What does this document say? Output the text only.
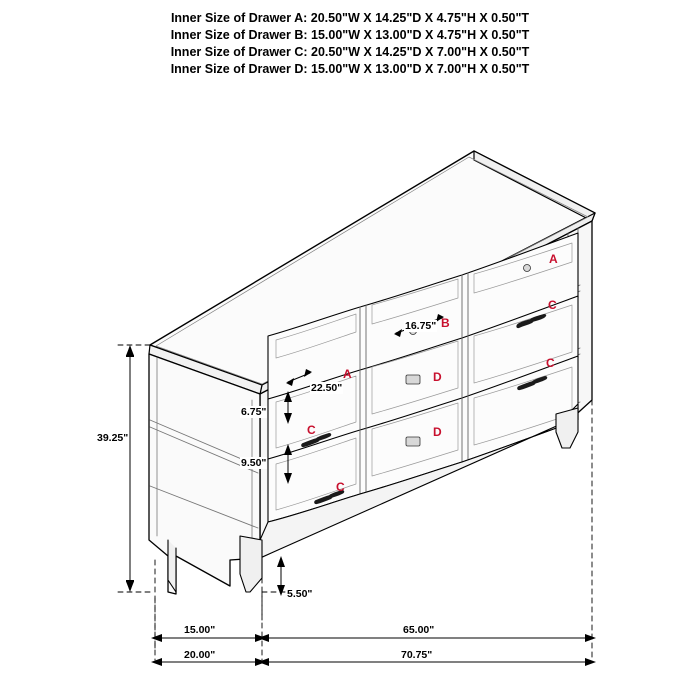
Inner Size of Drawer A: 20.50"W X 14.25"D X 4.75"H X 0.50"T
Inner Size of Drawer B: 15.00"W X 13.00"D X 4.75"H X 0.50"T
Inner Size of Drawer C: 20.50"W X 14.25"D X 7.00"H X 0.50"T
Inner Size of Drawer D: 15.00"W X 13.00"D X 7.00"H X 0.50"T
39.25"
16.75"
22.50"
6.75"
9.50"
5.50"
15.00"	65.00"
20.00"	70.75"
A
C
B
C
A	D
C	D
C
